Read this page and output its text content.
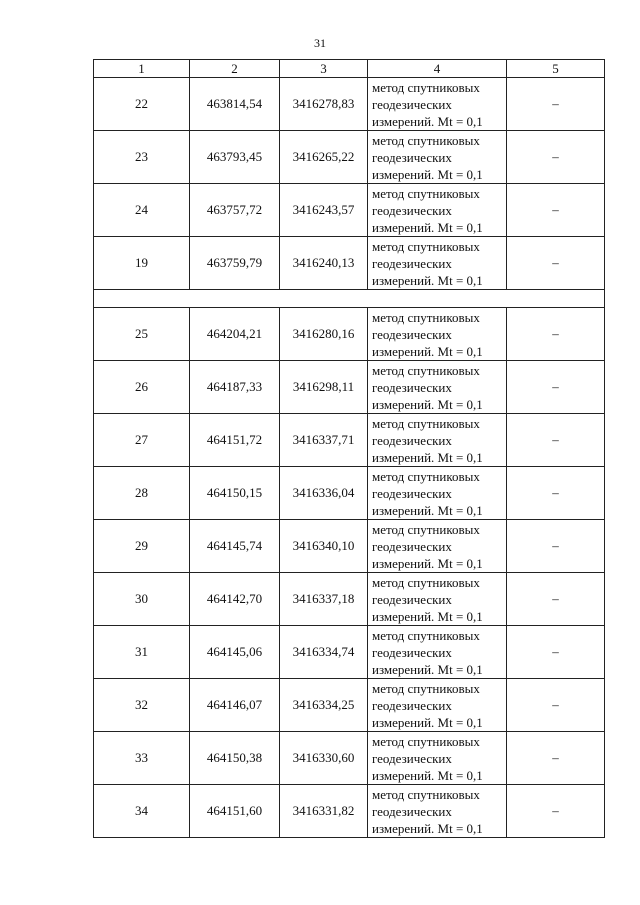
31
1	2	3	4	5
22	463814,54	3416278,83	метод спутниковых
геодезических
измерений. Mt = 0,1	–
23	463793,45	3416265,22	метод спутниковых
геодезических
измерений. Mt = 0,1	–
24	463757,72	3416243,57	метод спутниковых
геодезических
измерений. Mt = 0,1	–
19	463759,79	3416240,13	метод спутниковых
геодезических
измерений. Mt = 0,1	–

25	464204,21	3416280,16	метод спутниковых
геодезических
измерений. Mt = 0,1	–
26	464187,33	3416298,11	метод спутниковых
геодезических
измерений. Mt = 0,1	–
27	464151,72	3416337,71	метод спутниковых
геодезических
измерений. Mt = 0,1	–
28	464150,15	3416336,04	метод спутниковых
геодезических
измерений. Mt = 0,1	–
29	464145,74	3416340,10	метод спутниковых
геодезических
измерений. Mt = 0,1	–
30	464142,70	3416337,18	метод спутниковых
геодезических
измерений. Mt = 0,1	–
31	464145,06	3416334,74	метод спутниковых
геодезических
измерений. Mt = 0,1	–
32	464146,07	3416334,25	метод спутниковых
геодезических
измерений. Mt = 0,1	–
33	464150,38	3416330,60	метод спутниковых
геодезических
измерений. Mt = 0,1	–
34	464151,60	3416331,82	метод спутниковых
геодезических
измерений. Mt = 0,1	–
